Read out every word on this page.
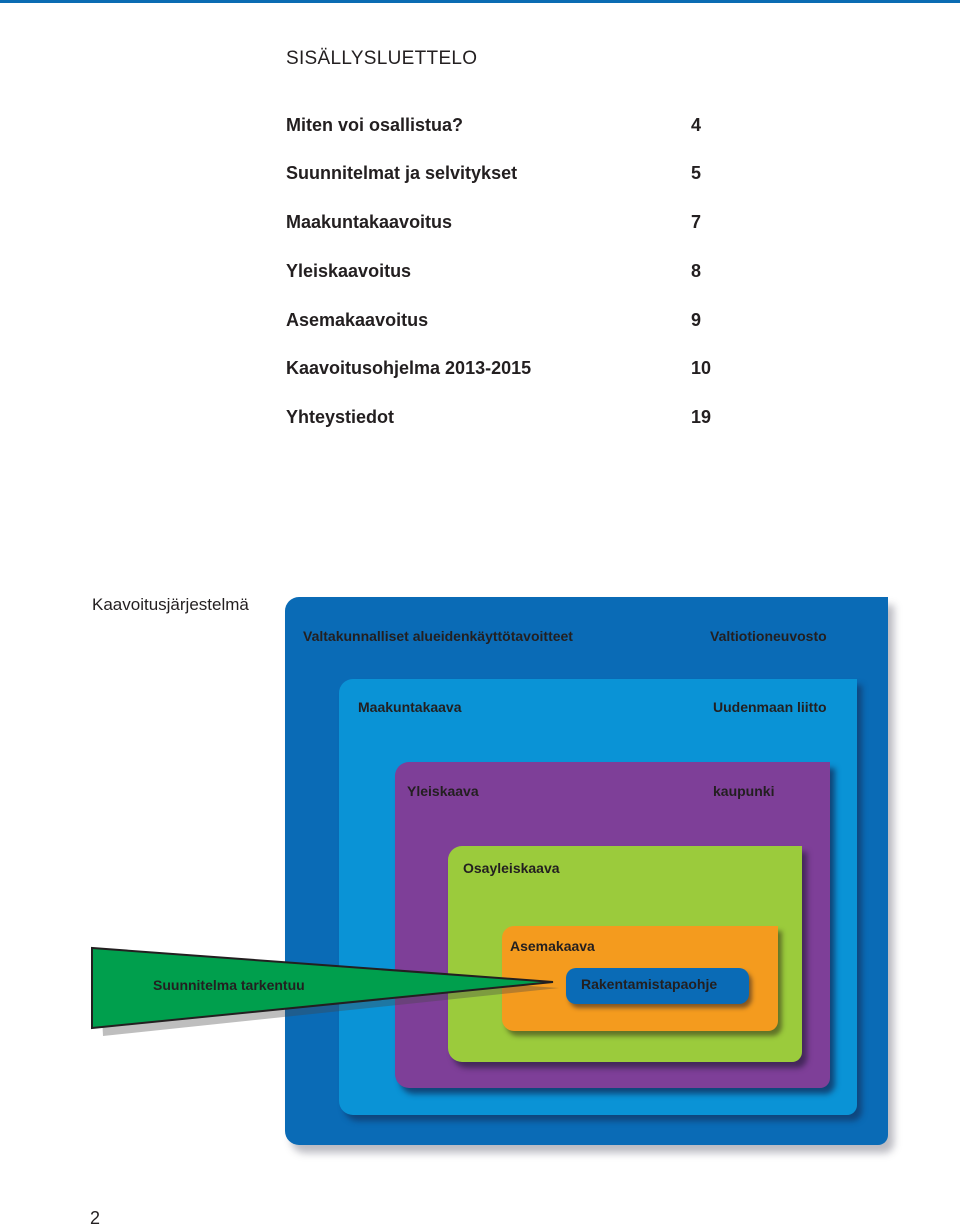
SISÄLLYSLUETTELO
Miten voi osallistua?	4
Suunnitelmat ja selvitykset	5
Maakuntakaavoitus	7
Yleiskaavoitus	8
Asemakaavoitus	9
Kaavoitusohjelma 2013-2015	10
Yhteystiedot	19
Kaavoitusjärjestelmä
Valtakunnalliset alueidenkäyttötavoitteet	Valtiotioneuvosto
Maakuntakaava	Uudenmaan liitto
Yleiskaava	kaupunki
Osayleiskaava
Asemakaava
Rakentamistapaohje
Suunnitelma tarkentuu
2
